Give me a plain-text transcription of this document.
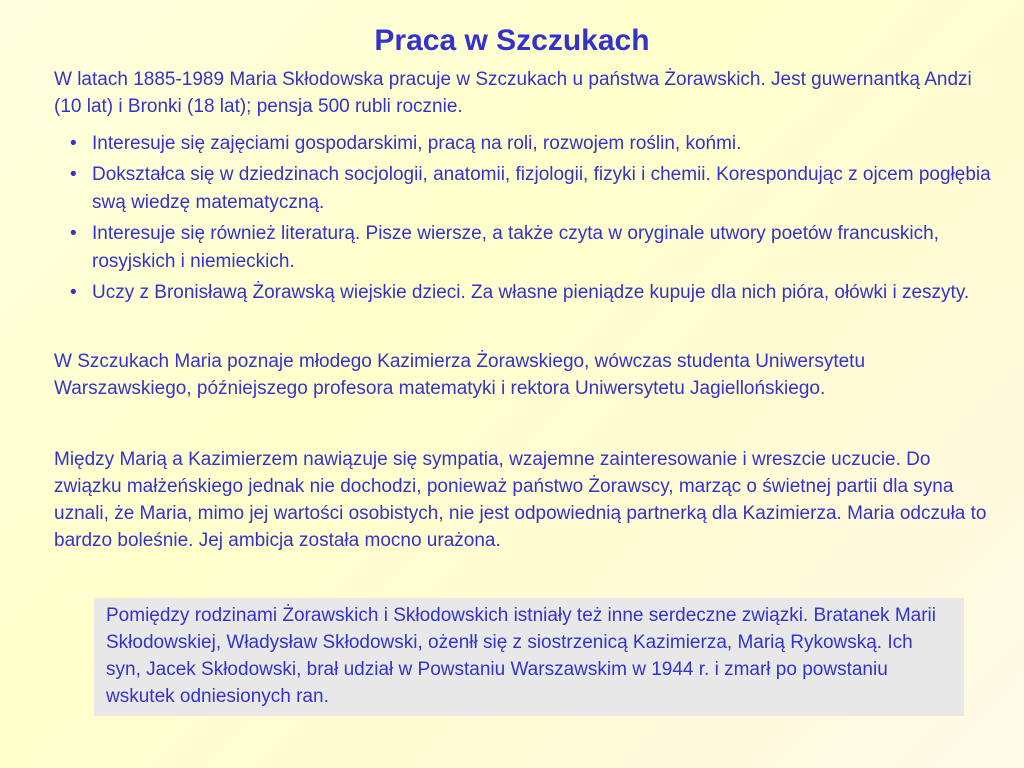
Praca w Szczukach

W latach 1885-1989 Maria Skłodowska pracuje w Szczukach u państwa Żorawskich. Jest guwernantką Andzi (10 lat) i Bronki (18 lat); pensja 500 rubli rocznie.

• Interesuje się zajęciami gospodarskimi, pracą na roli, rozwojem roślin, końmi.
• Dokształca się w dziedzinach socjologii, anatomii, fizjologii, fizyki i chemii. Korespondując z ojcem pogłębia swą wiedzę matematyczną.
• Interesuje się również literaturą. Pisze wiersze, a także czyta w oryginale utwory poetów francuskich, rosyjskich i niemieckich.
• Uczy z Bronisławą Żorawską wiejskie dzieci. Za własne pieniądze kupuje dla nich pióra, ołówki i zeszyty.

W Szczukach Maria poznaje młodego Kazimierza Żorawskiego, wówczas studenta Uniwersytetu Warszawskiego, późniejszego profesora matematyki i rektora Uniwersytetu Jagiellońskiego.

Między Marią a Kazimierzem nawiązuje się sympatia, wzajemne zainteresowanie i wreszcie uczucie. Do związku małżeńskiego jednak nie dochodzi, ponieważ państwo Żorawscy, marząc o świetnej partii dla syna uznali, że Maria, mimo jej wartości osobistych, nie jest odpowiednią partnerką dla Kazimierza. Maria odczuła to bardzo boleśnie. Jej ambicja została mocno urażona.

Pomiędzy rodzinami Żorawskich i Skłodowskich istniały też inne serdeczne związki. Bratanek Marii Skłodowskiej, Władysław Skłodowski, ożenłł się z siostrzenicą Kazimierza, Marią Rykowską. Ich syn, Jacek Skłodowski, brał udział w Powstaniu Warszawskim w 1944 r. i zmarł po powstaniu wskutek odniesionych ran.
